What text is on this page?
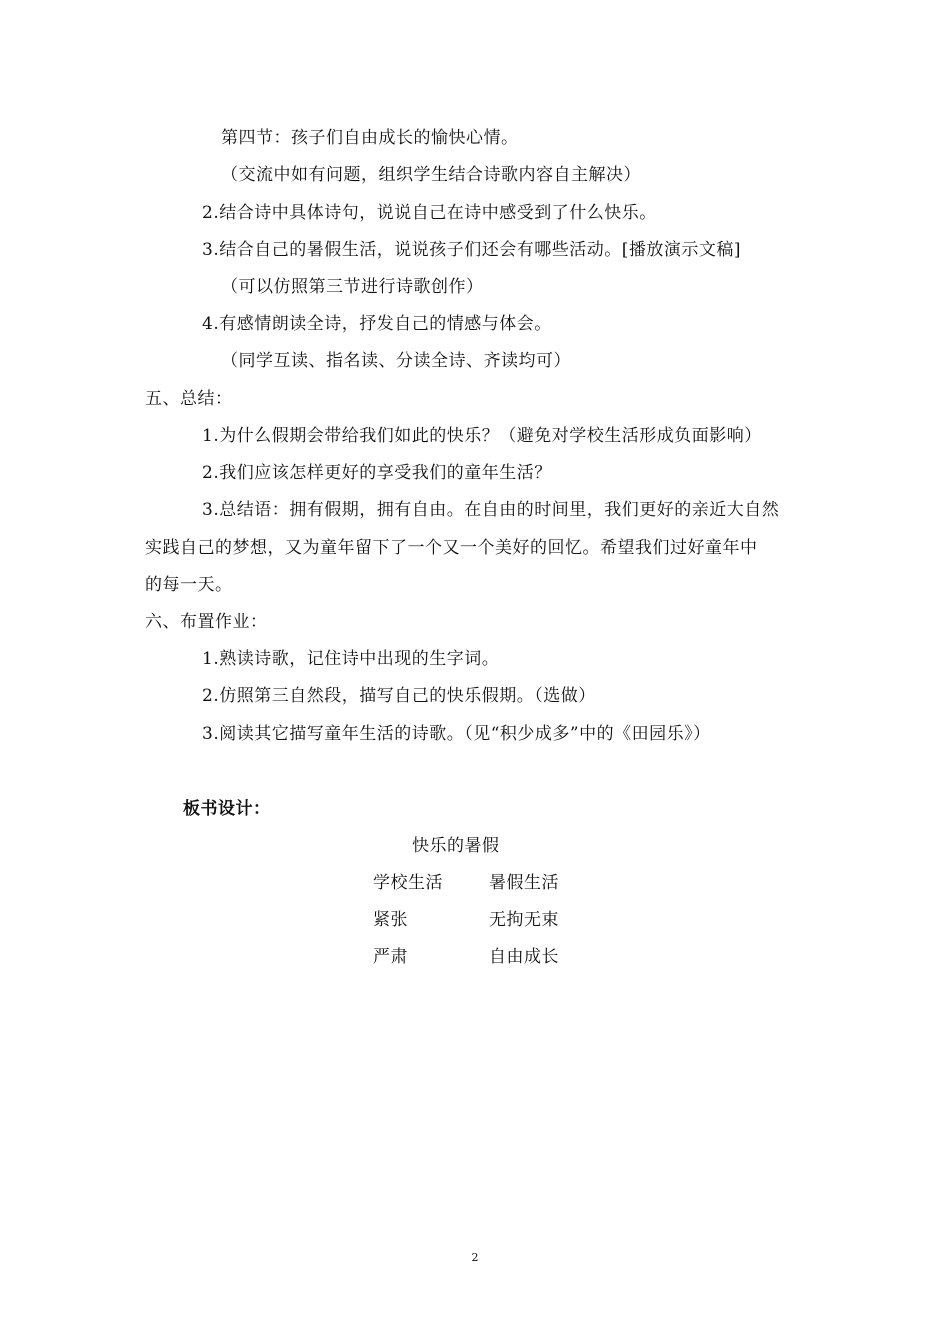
第四节：孩子们自由成长的愉快心情。
（交流中如有问题，组织学生结合诗歌内容自主解决）
2.结合诗中具体诗句，说说自己在诗中感受到了什么快乐。
3.结合自己的暑假生活，说说孩子们还会有哪些活动。[播放演示文稿]
（可以仿照第三节进行诗歌创作）
4.有感情朗读全诗，抒发自己的情感与体会。
（同学互读、指名读、分读全诗、齐读均可）
五、总结：
1.为什么假期会带给我们如此的快乐？（避免对学校生活形成负面影响）
2.我们应该怎样更好的享受我们的童年生活？
3.总结语：拥有假期，拥有自由。在自由的时间里，我们更好的亲近大自然
实践自己的梦想，又为童年留下了一个又一个美好的回忆。希望我们过好童年中
的每一天。
六、布置作业：
1.熟读诗歌，记住诗中出现的生字词。
2.仿照第三自然段，描写自己的快乐假期。（选做）
3.阅读其它描写童年生活的诗歌。（见“积少成多”中的《田园乐》）
板书设计：
快乐的暑假
学校生活	暑假生活
紧张	无拘无束
严肃	自由成长
2
